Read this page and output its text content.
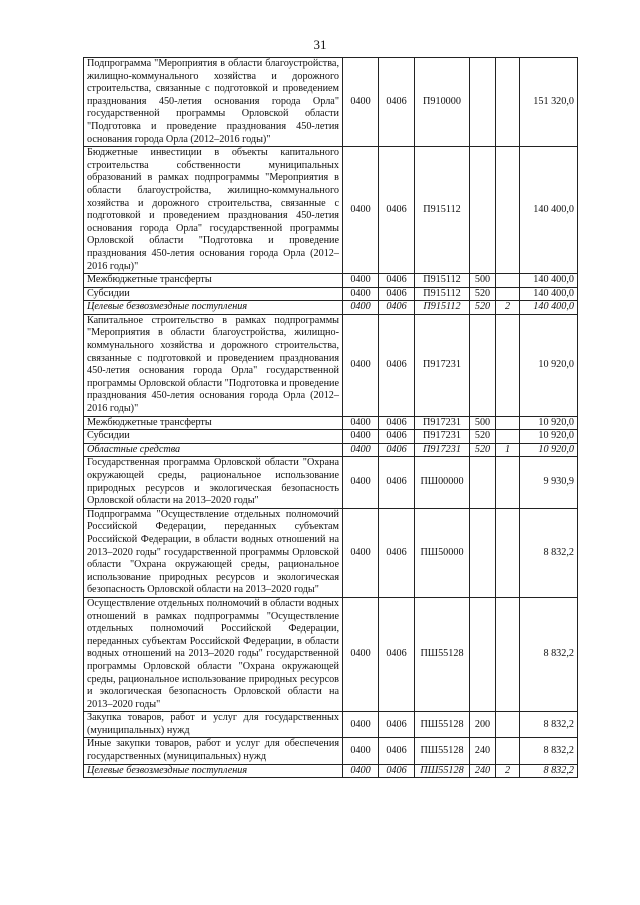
31
Подпрограмма "Мероприятия в области благоустройства, жилищно-коммунального хозяйства и дорожного строительства, связанные с подготовкой и проведением празднования 450-летия основания города Орла" государственной программы Орловской области "Подготовка и проведение празднования 450-летия основания города Орла (2012–2016 годы)"	0400	0406	П910000			151 320,0
Бюджетные инвестиции в объекты капитального строительства собственности муниципальных образований в рамках подпрограммы "Мероприятия в области благоустройства, жилищно-коммунального хозяйства и дорожного строительства, связанные с подготовкой и проведением празднования 450-летия основания города Орла" государственной программы Орловской области "Подготовка и проведение празднования 450-летия основания города Орла (2012–2016 годы)"	0400	0406	П915112			140 400,0
Межбюджетные трансферты	0400	0406	П915112	500		140 400,0
Субсидии	0400	0406	П915112	520		140 400,0
Целевые безвозмездные поступления	0400	0406	П915112	520	2	140 400,0
Капитальное строительство в рамках подпрограммы "Мероприятия в области благоустройства, жилищно-коммунального хозяйства и дорожного строительства, связанные с подготовкой и проведением празднования 450-летия основания города Орла" государственной программы Орловской области "Подготовка и проведение празднования 450-летия основания города Орла (2012–2016 годы)"	0400	0406	П917231			10 920,0
Межбюджетные трансферты	0400	0406	П917231	500		10 920,0
Субсидии	0400	0406	П917231	520		10 920,0
Областные средства	0400	0406	П917231	520	1	10 920,0
Государственная программа Орловской области "Охрана окружающей среды, рациональное использование природных ресурсов и экологическая безопасность Орловской области на 2013–2020 годы"	0400	0406	ПШ00000			9 930,9
Подпрограмма "Осуществление отдельных полномочий Российской Федерации, переданных субъектам Российской Федерации, в области водных отношений на 2013–2020 годы" государственной программы Орловской области "Охрана окружающей среды, рациональное использование природных ресурсов и экологическая безопасность Орловской области на 2013–2020 годы"	0400	0406	ПШ50000			8 832,2
Осуществление отдельных полномочий в области водных отношений в рамках подпрограммы "Осуществление отдельных полномочий Российской Федерации, переданных субъектам Российской Федерации, в области водных отношений на 2013–2020 годы" государственной программы Орловской области "Охрана окружающей среды, рациональное использование природных ресурсов и экологическая безопасность Орловской области на 2013–2020 годы"	0400	0406	ПШ55128			8 832,2
Закупка товаров, работ и услуг для государственных (муниципальных) нужд	0400	0406	ПШ55128	200		8 832,2
Иные закупки товаров, работ и услуг для обеспечения государственных (муниципальных) нужд	0400	0406	ПШ55128	240		8 832,2
Целевые безвозмездные поступления	0400	0406	ПШ55128	240	2	8 832,2
